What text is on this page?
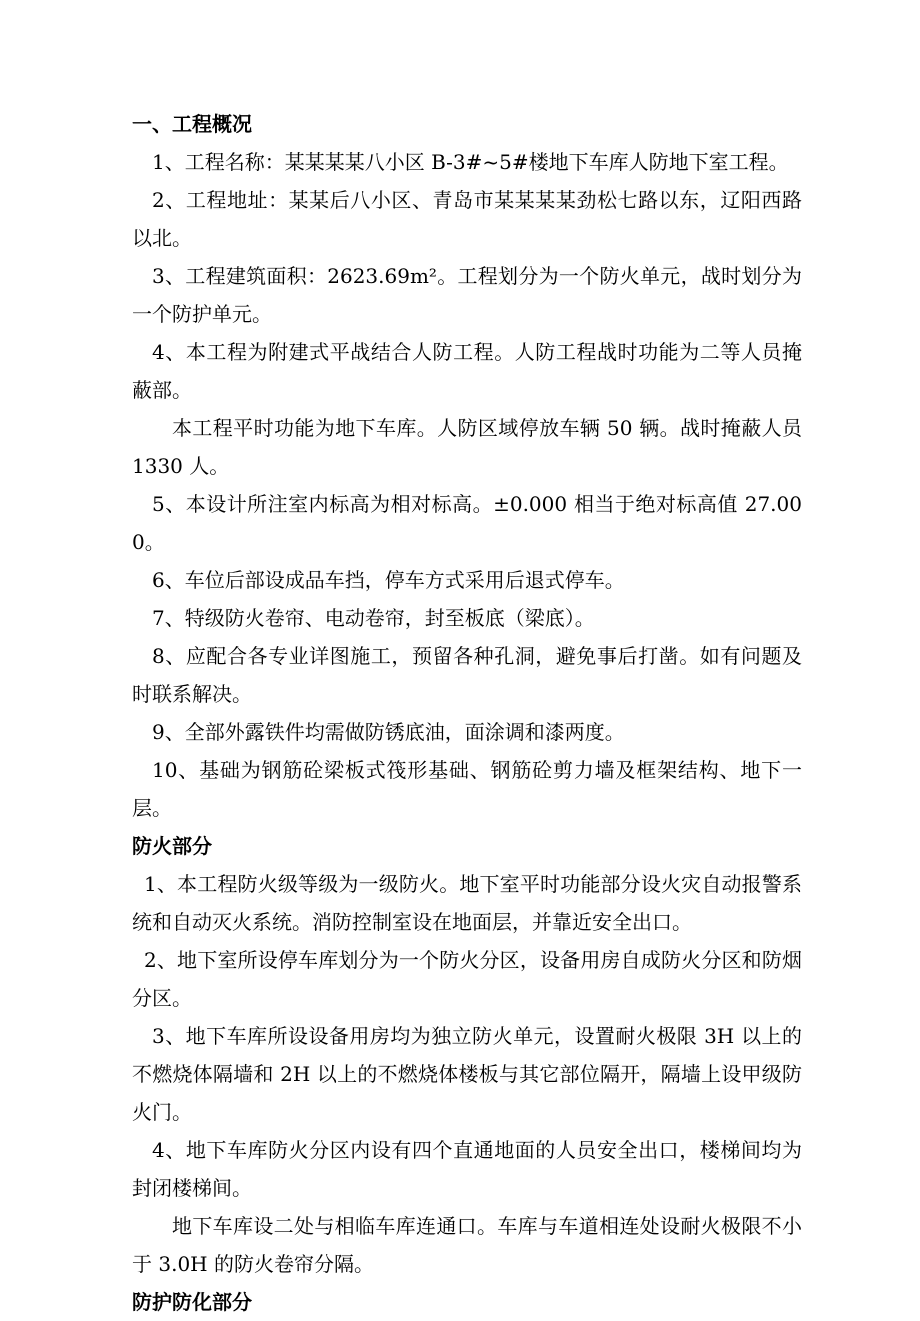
一、工程概况

1、工程名称：某某某某八小区 B-3#~5#楼地下车库人防地下室工程。

2、工程地址：某某后八小区、青岛市某某某某劲松七路以东，辽阳西路以北。

3、工程建筑面积：2623.69m²。工程划分为一个防火单元，战时划分为一个防护单元。

4、本工程为附建式平战结合人防工程。人防工程战时功能为二等人员掩蔽部。

本工程平时功能为地下车库。人防区域停放车辆 50 辆。战时掩蔽人员 1330 人。

5、本设计所注室内标高为相对标高。±0.000 相当于绝对标高值 27.000。

6、车位后部设成品车挡，停车方式采用后退式停车。

7、特级防火卷帘、电动卷帘，封至板底（梁底）。

8、应配合各专业详图施工，预留各种孔洞，避免事后打凿。如有问题及时联系解决。

9、全部外露铁件均需做防锈底油，面涂调和漆两度。

10、基础为钢筋砼梁板式筏形基础、钢筋砼剪力墙及框架结构、地下一层。

防火部分

1、本工程防火级等级为一级防火。地下室平时功能部分设火灾自动报警系统和自动灭火系统。消防控制室设在地面层，并靠近安全出口。

2、地下室所设停车库划分为一个防火分区，设备用房自成防火分区和防烟分区。

3、地下车库所设设备用房均为独立防火单元，设置耐火极限 3H 以上的不燃烧体隔墙和 2H 以上的不燃烧体楼板与其它部位隔开，隔墙上设甲级防火门。

4、地下车库防火分区内设有四个直通地面的人员安全出口，楼梯间均为封闭楼梯间。

地下车库设二处与相临车库连通口。车库与车道相连处设耐火极限不小于 3.0H 的防火卷帘分隔。

防护防化部分
